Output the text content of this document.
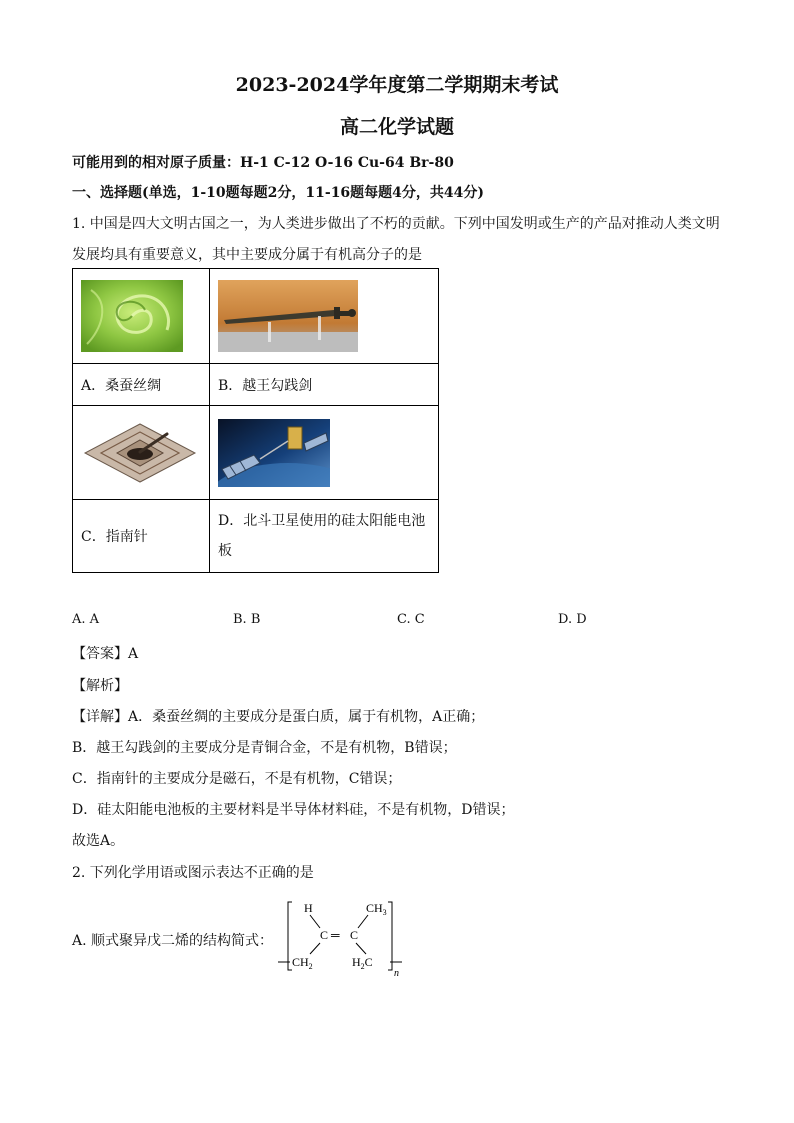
2023-2024学年度第二学期期末考试
高二化学试题
可能用到的相对原子质量：H-1 C-12 O-16 Cu-64 Br-80
一、选择题(单选，1-10题每题2分，11-16题每题4分，共44分)
1. 中国是四大文明古国之一，为人类进步做出了不朽的贡献。下列中国发明或生产的产品对推动人类文明
发展均具有重要意义，其中主要成分属于有机高分子的是

A．桑蚕丝绸	B．越王勾践剑

C．指南针	D．北斗卫星使用的硅太阳能电池
板
A. A	B. B	C. C	D. D
【答案】A
【解析】
【详解】A．桑蚕丝绸的主要成分是蛋白质，属于有机物，A正确；
B．越王勾践剑的主要成分是青铜合金，不是有机物，B错误；
C．指南针的主要成分是磁石，不是有机物，C错误；
D．硅太阳能电池板的主要材料是半导体材料硅，不是有机物，D错误；
故选A。
2. 下列化学用语或图示表达不正确的是
A. 顺式聚异戊二烯的结构简式：
H	$CH_3$
C ═ C
$CH_2$	$H_2C$
n
